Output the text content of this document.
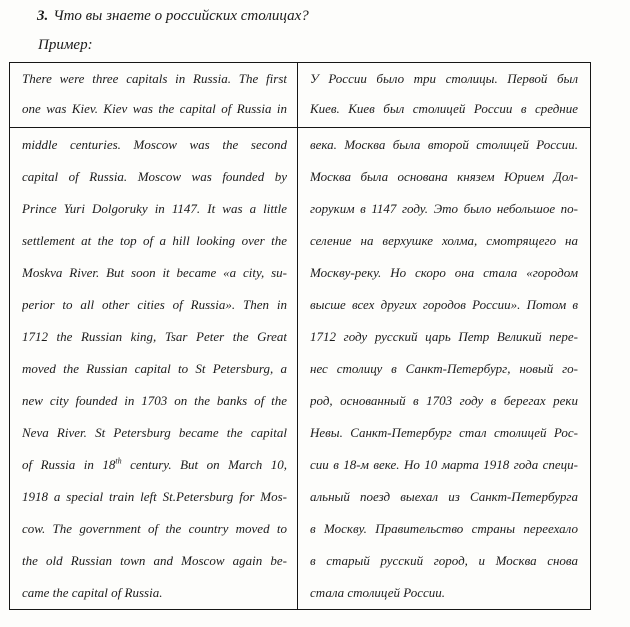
3. Что вы знаете о российских столицах?
Пример:
There were three capitals in Russia. The first
one was Kiev. Kiev was the capital of Russia in
У России было три столицы. Первой был
Киев. Киев был столицей России в средние
middle centuries. Moscow was the second
capital of Russia. Moscow was founded by
Prince Yuri Dolgoruky in 1147. It was a little
settlement at the top of a hill looking over the
Moskva River. But soon it became «a city, su-
perior to all other cities of Russia». Then in
1712 the Russian king, Tsar Peter the Great
moved the Russian capital to St Petersburg, a
new city founded in 1703 on the banks of the
Neva River. St Petersburg became the capital
of Russia in 18th century. But on March 10,
1918 a special train left St.Petersburg for Mos-
cow. The government of the country moved to
the old Russian town and Moscow again be-
came the capital of Russia.
века. Москва была второй столицей России.
Москва была основана князем Юрием Дол-
горуким в 1147 году. Это было небольшое по-
селение на верхушке холма, смотрящего на
Москву-реку. Но скоро она стала «городом
высше всех других городов России». Потом в
1712 году русский царь Петр Великий пере-
нес столицу в Санкт-Петербург, новый го-
род, основанный в 1703 году в берегах реки
Невы. Санкт-Петербург стал столицей Рос-
сии в 18-м веке. Но 10 марта 1918 года специ-
альный поезд выехал из Санкт-Петербурга
в Москву. Правительство страны переехало
в старый русский город, и Москва снова
стала столицей России.
